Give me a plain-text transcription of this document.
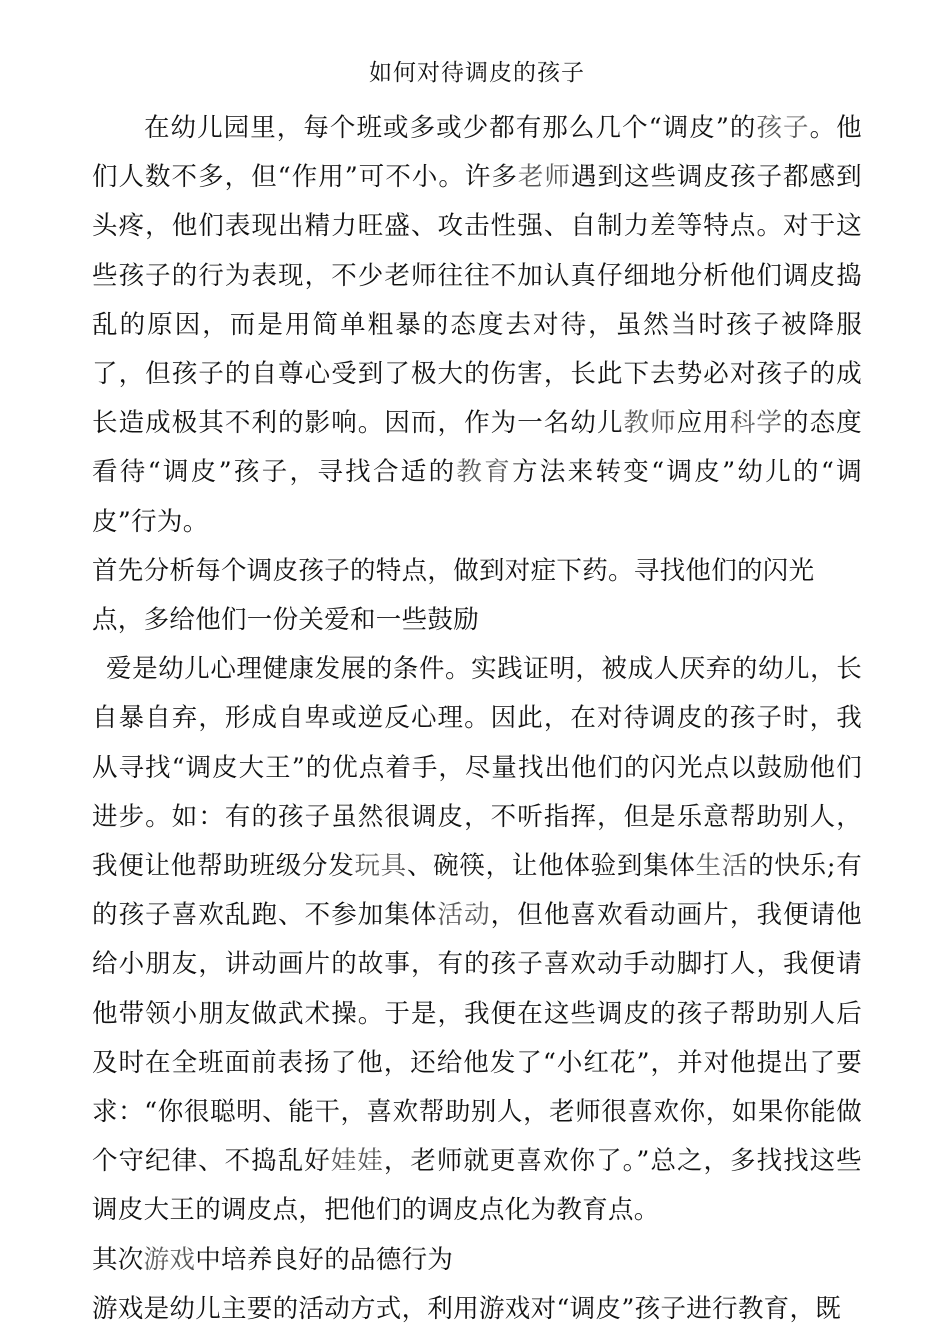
如何对待调皮的孩子

在幼儿园里，每个班或多或少都有那么几个“调皮”的孩子。他们人数不多，但“作用”可不小。许多老师遇到这些调皮孩子都感到头疼，他们表现出精力旺盛、攻击性强、自制力差等特点。对于这些孩子的行为表现，不少老师往往不加认真仔细地分析他们调皮捣乱的原因，而是用简单粗暴的态度去对待，虽然当时孩子被降服了，但孩子的自尊心受到了极大的伤害，长此下去势必对孩子的成长造成极其不利的影响。因而，作为一名幼儿教师应用科学的态度看待“调皮”孩子，寻找合适的教育方法来转变“调皮”幼儿的“调皮”行为。

首先分析每个调皮孩子的特点，做到对症下药。寻找他们的闪光点，多给他们一份关爱和一些鼓励

爱是幼儿心理健康发展的条件。实践证明，被成人厌弃的幼儿，长自暴自弃，形成自卑或逆反心理。因此，在对待调皮的孩子时，我从寻找“调皮大王”的优点着手，尽量找出他们的闪光点以鼓励他们进步。如：有的孩子虽然很调皮，不听指挥，但是乐意帮助别人，我便让他帮助班级分发玩具、碗筷，让他体验到集体生活的快乐;有的孩子喜欢乱跑、不参加集体活动，但他喜欢看动画片，我便请他给小朋友，讲动画片的故事，有的孩子喜欢动手动脚打人，我便请他带领小朋友做武术操。于是，我便在这些调皮的孩子帮助别人后及时在全班面前表扬了他，还给他发了“小红花”，并对他提出了要求：“你很聪明、能干，喜欢帮助别人，老师很喜欢你，如果你能做个守纪律、不捣乱好娃娃，老师就更喜欢你了。”总之，多找找这些调皮大王的调皮点，把他们的调皮点化为教育点。

其次游戏中培养良好的品德行为

游戏是幼儿主要的活动方式，利用游戏对“调皮”孩子进行教育，既
